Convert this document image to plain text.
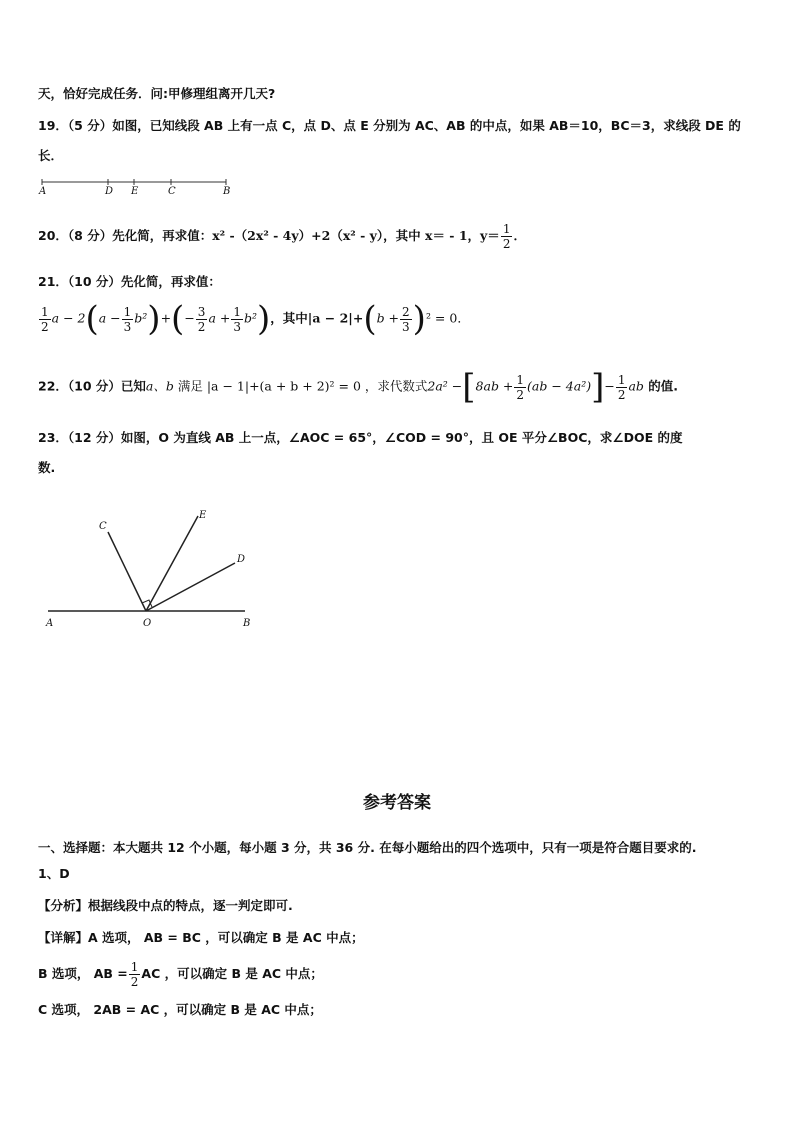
天，恰好完成任务．问:甲修理组离开几天?
19．（5 分）如图，已知线段 AB 上有一点 C，点 D、点 E 分别为 AC、AB 的中点，如果 AB＝10，BC＝3，求线段 DE 的
长．
A	D E	C	B
20．（8 分）先化简，再求值：x² -（2x² - 4y）+2（x² - y），其中 x＝ - 1，$y= \frac{1}{2}$ ．
21．（10 分）先化简，再求值：
$\frac{1}{2}$ $a - 2(a - \frac{1}{3} b^2)+(- \frac{3}{2}$ $a + \frac{1}{3} b^2$)，其中$|a - 2|+(b + \frac{2}{3} )^2 = 0$．
22．（10 分）已知a、b 满足 |a − 1|+(a + b + 2)² = 0 ，求代数式$2a^2 -[8ab + \frac{1}{2} (ab - 4a^2)]- \frac{1}{2}$ ab 的值.
23．（12 分）如图，O 为直线 AB 上一点，∠AOC = 65°，∠COD = 90°，且 OE 平分∠BOC，求∠DOE 的度
数.
C
E
D
A	O	B
参考答案
一、选择题：本大题共 12 个小题，每小题 3 分，共 36 分. 在每小题给出的四个选项中，只有一项是符合题目要求的.
1、D
【分析】根据线段中点的特点，逐一判定即可.
【详解】A 选项， AB = BC ，可以确定 B 是 AC 中点；
B 选项， AB = $\frac{1}{2}$ AC ，可以确定 B 是 AC 中点；
C 选项， 2AB = AC ，可以确定 B 是 AC 中点；
